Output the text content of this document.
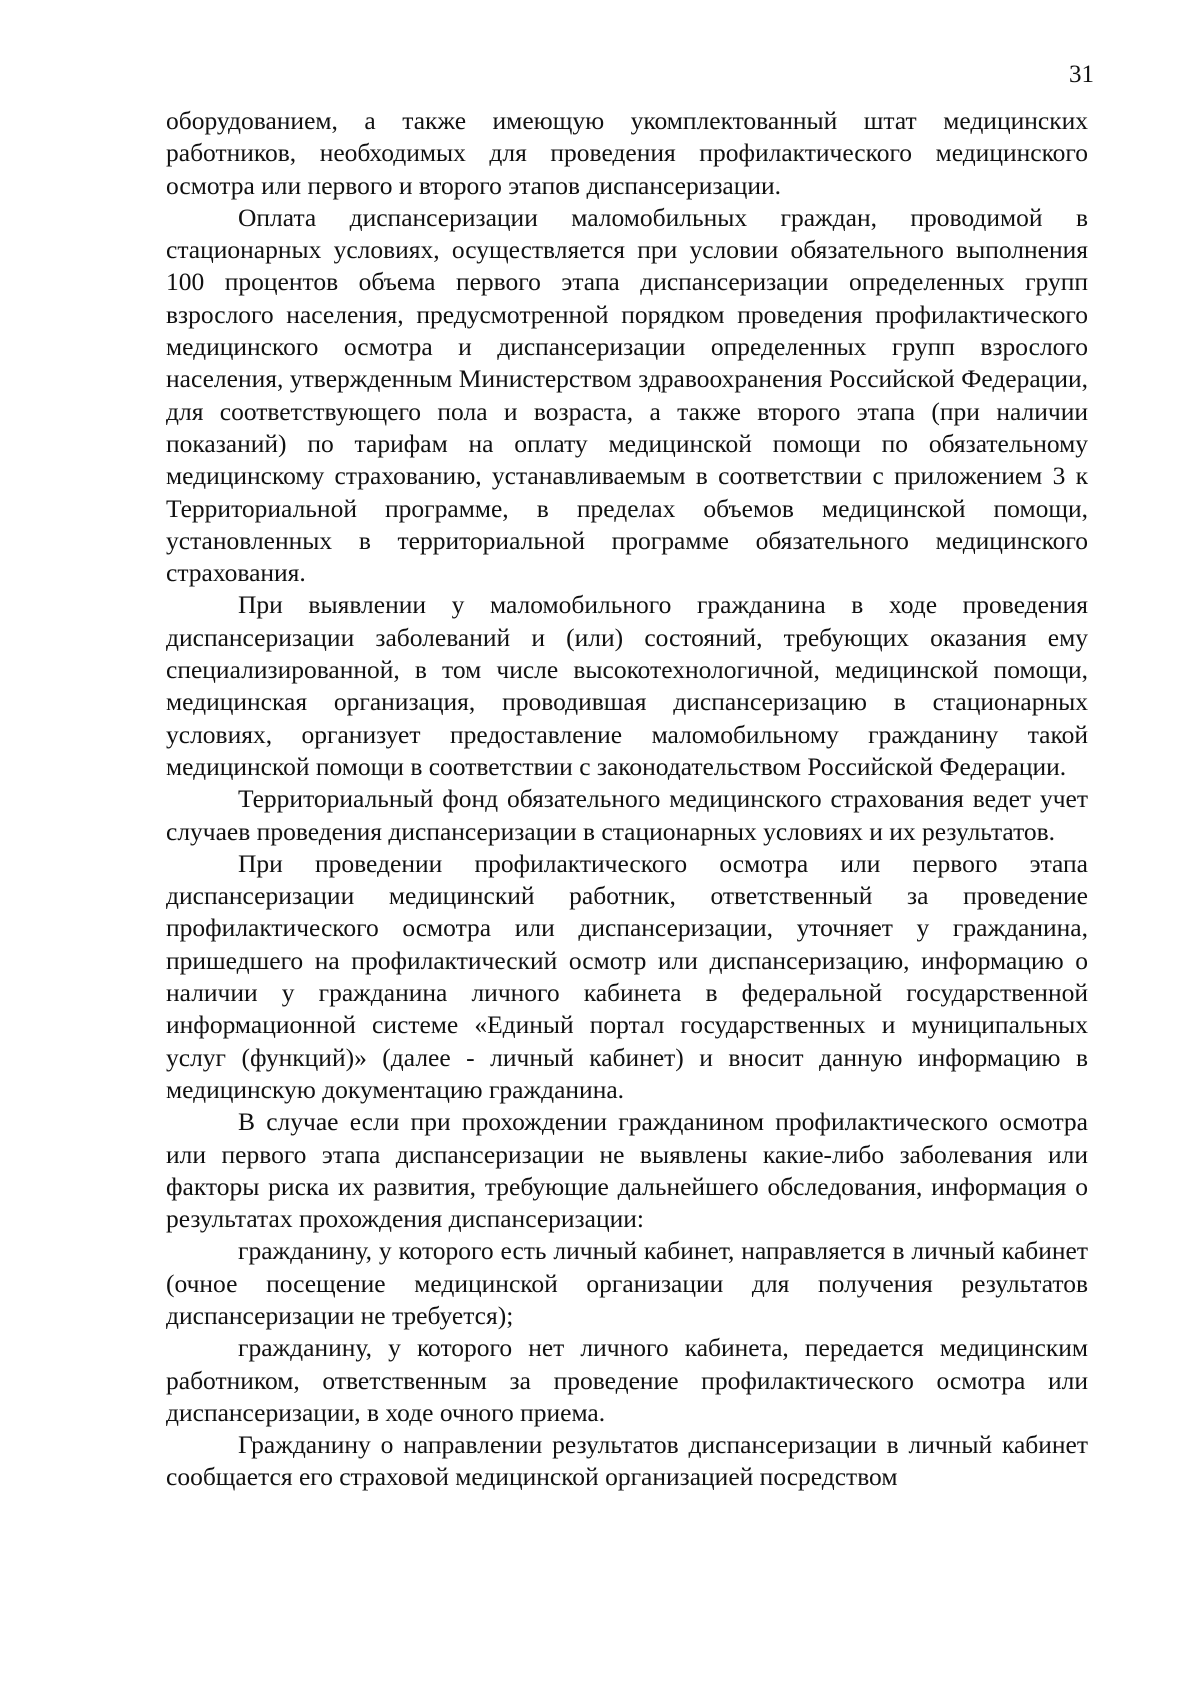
31

оборудованием, а также имеющую укомплектованный штат медицинских работников, необходимых для проведения профилактического медицинского осмотра или первого и второго этапов диспансеризации.

Оплата диспансеризации маломобильных граждан, проводимой в стационарных условиях, осуществляется при условии обязательного выполнения 100 процентов объема первого этапа диспансеризации определенных групп взрослого населения, предусмотренной порядком проведения профилактического медицинского осмотра и диспансеризации определенных групп взрослого населения, утвержденным Министерством здравоохранения Российской Федерации, для соответствующего пола и возраста, а также второго этапа (при наличии показаний) по тарифам на оплату медицинской помощи по обязательному медицинскому страхованию, устанавливаемым в соответствии с приложением 3 к Территориальной программе, в пределах объемов медицинской помощи, установленных в территориальной программе обязательного медицинского страхования.

При выявлении у маломобильного гражданина в ходе проведения диспансеризации заболеваний и (или) состояний, требующих оказания ему специализированной, в том числе высокотехнологичной, медицинской помощи, медицинская организация, проводившая диспансеризацию в стационарных условиях, организует предоставление маломобильному гражданину такой медицинской помощи в соответствии с законодательством Российской Федерации.

Территориальный фонд обязательного медицинского страхования ведет учет случаев проведения диспансеризации в стационарных условиях и их результатов.

При проведении профилактического осмотра или первого этапа диспансеризации медицинский работник, ответственный за проведение профилактического осмотра или диспансеризации, уточняет у гражданина, пришедшего на профилактический осмотр или диспансеризацию, информацию о наличии у гражданина личного кабинета в федеральной государственной информационной системе «Единый портал государственных и муниципальных услуг (функций)» (далее - личный кабинет) и вносит данную информацию в медицинскую документацию гражданина.

В случае если при прохождении гражданином профилактического осмотра или первого этапа диспансеризации не выявлены какие-либо заболевания или факторы риска их развития, требующие дальнейшего обследования, информация о результатах прохождения диспансеризации:

гражданину, у которого есть личный кабинет, направляется в личный кабинет (очное посещение медицинской организации для получения результатов диспансеризации не требуется);

гражданину, у которого нет личного кабинета, передается медицинским работником, ответственным за проведение профилактического осмотра или диспансеризации, в ходе очного приема.

Гражданину о направлении результатов диспансеризации в личный кабинет сообщается его страховой медицинской организацией посредством
